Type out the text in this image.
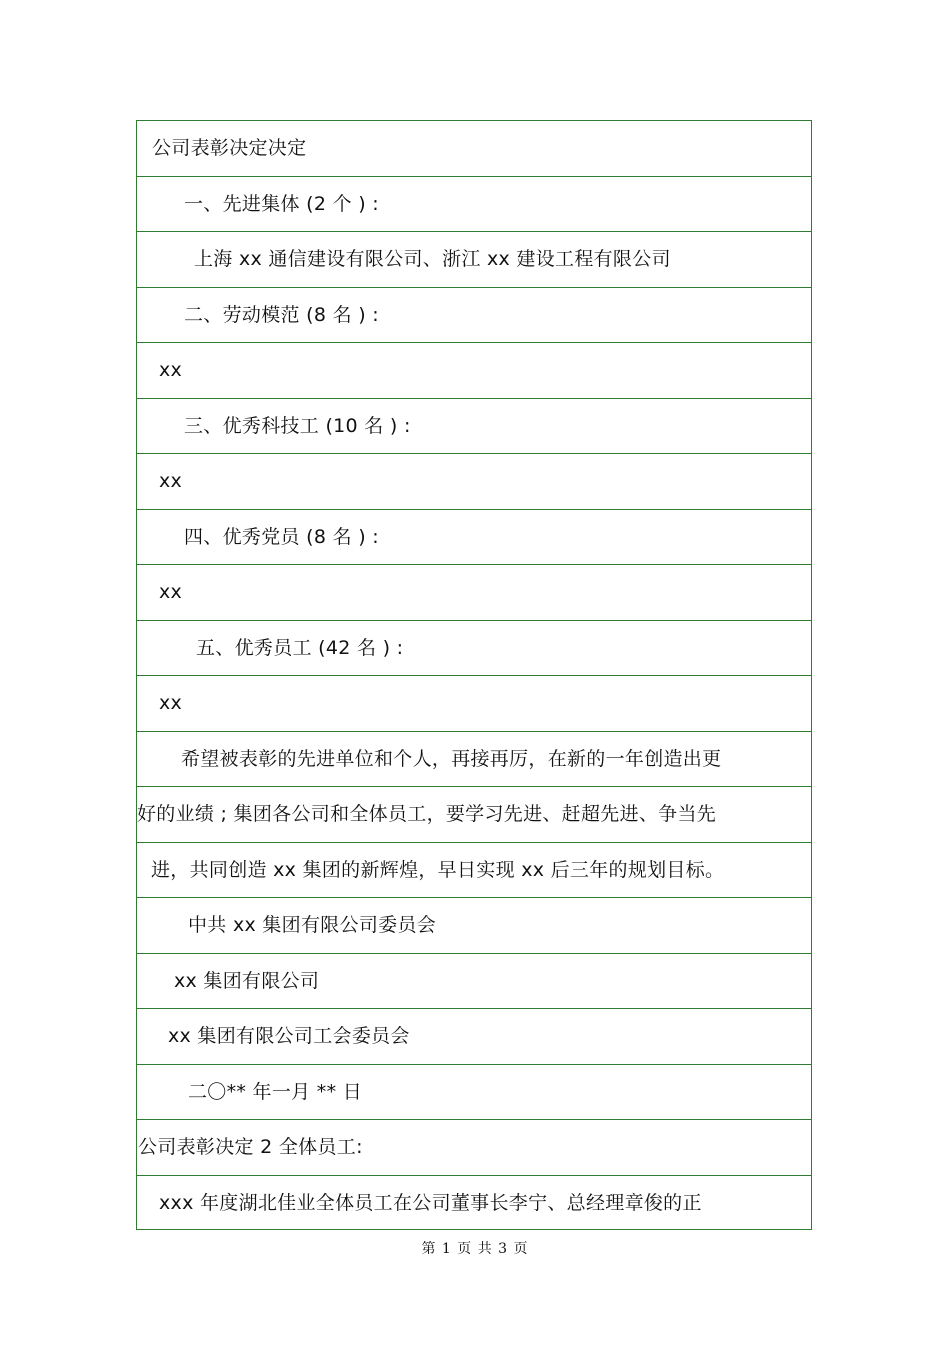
公司表彰决定决定
一、先进集体 (2 个 ) :
上海 xx 通信建设有限公司、浙江 xx 建设工程有限公司
二、劳动模范 (8 名 ) :
xx
三、优秀科技工 (10 名 ) :
xx
四、优秀党员 (8 名 ) :
xx
五、优秀员工 (42 名 ) :
xx
希望被表彰的先进单位和个人，再接再厉，在新的一年创造出更
好的业绩 ; 集团各公司和全体员工，要学习先进、赶超先进、争当先
进，共同创造 xx 集团的新辉煌，早日实现 xx 后三年的规划目标。
中共 xx 集团有限公司委员会
xx 集团有限公司
xx 集团有限公司工会委员会
二〇** 年一月 ** 日
公司表彰决定 2 全体员工:
xxx 年度湖北佳业全体员工在公司董事长李宁、总经理章俊的正
第 1 页 共 3 页
